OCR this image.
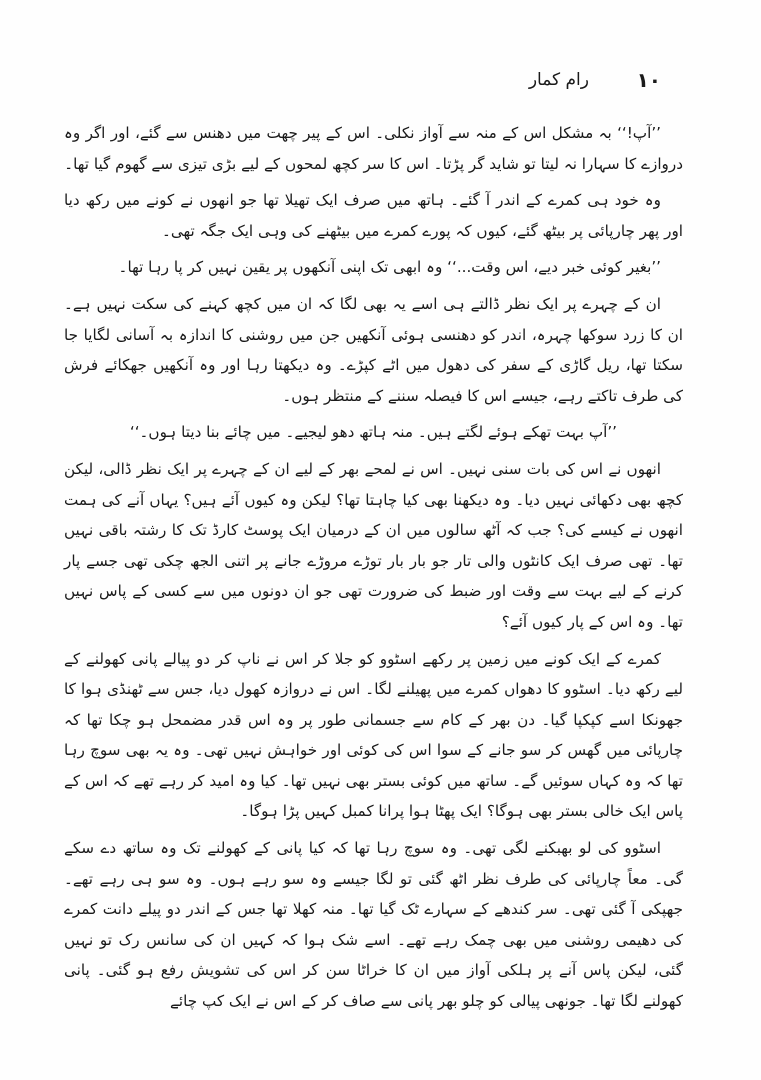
۱۰
رام کمار

’’آپ!‘‘ بہ مشکل اس کے منہ سے آواز نکلی۔ اس کے پیر چھت میں دھنس سے گئے، اور اگر وہ دروازے کا سہارا نہ لیتا تو شاید گر پڑتا۔ اس کا سر کچھ لمحوں کے لیے بڑی تیزی سے گھوم گیا تھا۔

وہ خود ہی کمرے کے اندر آ گئے۔ ہاتھ میں صرف ایک تھیلا تھا جو انھوں نے کونے میں رکھ دیا اور پھر چارپائی پر بیٹھ گئے، کیوں کہ پورے کمرے میں بیٹھنے کی وہی ایک جگہ تھی۔

’’بغیر کوئی خبر دیے، اس وقت...‘‘ وہ ابھی تک اپنی آنکھوں پر یقین نہیں کر پا رہا تھا۔

ان کے چہرے پر ایک نظر ڈالتے ہی اسے یہ بھی لگا کہ ان میں کچھ کہنے کی سکت نہیں ہے۔ ان کا زرد سوکھا چہرہ، اندر کو دھنسی ہوئی آنکھیں جن میں روشنی کا اندازہ بہ آسانی لگایا جا سکتا تھا، ریل گاڑی کے سفر کی دھول میں اٹے کپڑے۔ وہ دیکھتا رہا اور وہ آنکھیں جھکائے فرش کی طرف تاکتے رہے، جیسے اس کا فیصلہ سننے کے منتظر ہوں۔

’’آپ بہت تھکے ہوئے لگتے ہیں۔ منہ ہاتھ دھو لیجیے۔ میں چائے بنا دیتا ہوں۔‘‘

انھوں نے اس کی بات سنی نہیں۔ اس نے لمحے بھر کے لیے ان کے چہرے پر ایک نظر ڈالی، لیکن کچھ بھی دکھائی نہیں دیا۔ وہ دیکھنا بھی کیا چاہتا تھا؟ لیکن وہ کیوں آئے ہیں؟ یہاں آنے کی ہمت انھوں نے کیسے کی؟ جب کہ آٹھ سالوں میں ان کے درمیان ایک پوسٹ کارڈ تک کا رشتہ باقی نہیں تھا۔ تھی صرف ایک کانٹوں والی تار جو بار بار توڑے مروڑے جانے پر اتنی الجھ چکی تھی جسے پار کرنے کے لیے بہت سے وقت اور ضبط کی ضرورت تھی جو ان دونوں میں سے کسی کے پاس نہیں تھا۔ وہ اس کے پار کیوں آئے؟

کمرے کے ایک کونے میں زمین پر رکھے اسٹوو کو جلا کر اس نے ناپ کر دو پیالے پانی کھولنے کے لیے رکھ دیا۔ اسٹوو کا دھواں کمرے میں پھیلنے لگا۔ اس نے دروازہ کھول دیا، جس سے ٹھنڈی ہوا کا جھونکا اسے کپکپا گیا۔ دن بھر کے کام سے جسمانی طور پر وہ اس قدر مضمحل ہو چکا تھا کہ چارپائی میں گھس کر سو جانے کے سوا اس کی کوئی اور خواہش نہیں تھی۔ وہ یہ بھی سوچ رہا تھا کہ وہ کہاں سوئیں گے۔ ساتھ میں کوئی بستر بھی نہیں تھا۔ کیا وہ امید کر رہے تھے کہ اس کے پاس ایک خالی بستر بھی ہوگا؟ ایک پھٹا ہوا پرانا کمبل کہیں پڑا ہوگا۔

اسٹوو کی لو بھبکنے لگی تھی۔ وہ سوچ رہا تھا کہ کیا پانی کے کھولنے تک وہ ساتھ دے سکے گی۔ معاً چارپائی کی طرف نظر اٹھ گئی تو لگا جیسے وہ سو رہے ہوں۔ وہ سو ہی رہے تھے۔ جھپکی آ گئی تھی۔ سر کندھے کے سہارے ٹک گیا تھا۔ منہ کھلا تھا جس کے اندر دو پیلے دانت کمرے کی دھیمی روشنی میں بھی چمک رہے تھے۔ اسے شک ہوا کہ کہیں ان کی سانس رک تو نہیں گئی، لیکن پاس آنے پر ہلکی آواز میں ان کا خراٹا سن کر اس کی تشویش رفع ہو گئی۔ پانی کھولنے لگا تھا۔ جونھی پیالی کو چلو بھر پانی سے صاف کر کے اس نے ایک کپ چائے
